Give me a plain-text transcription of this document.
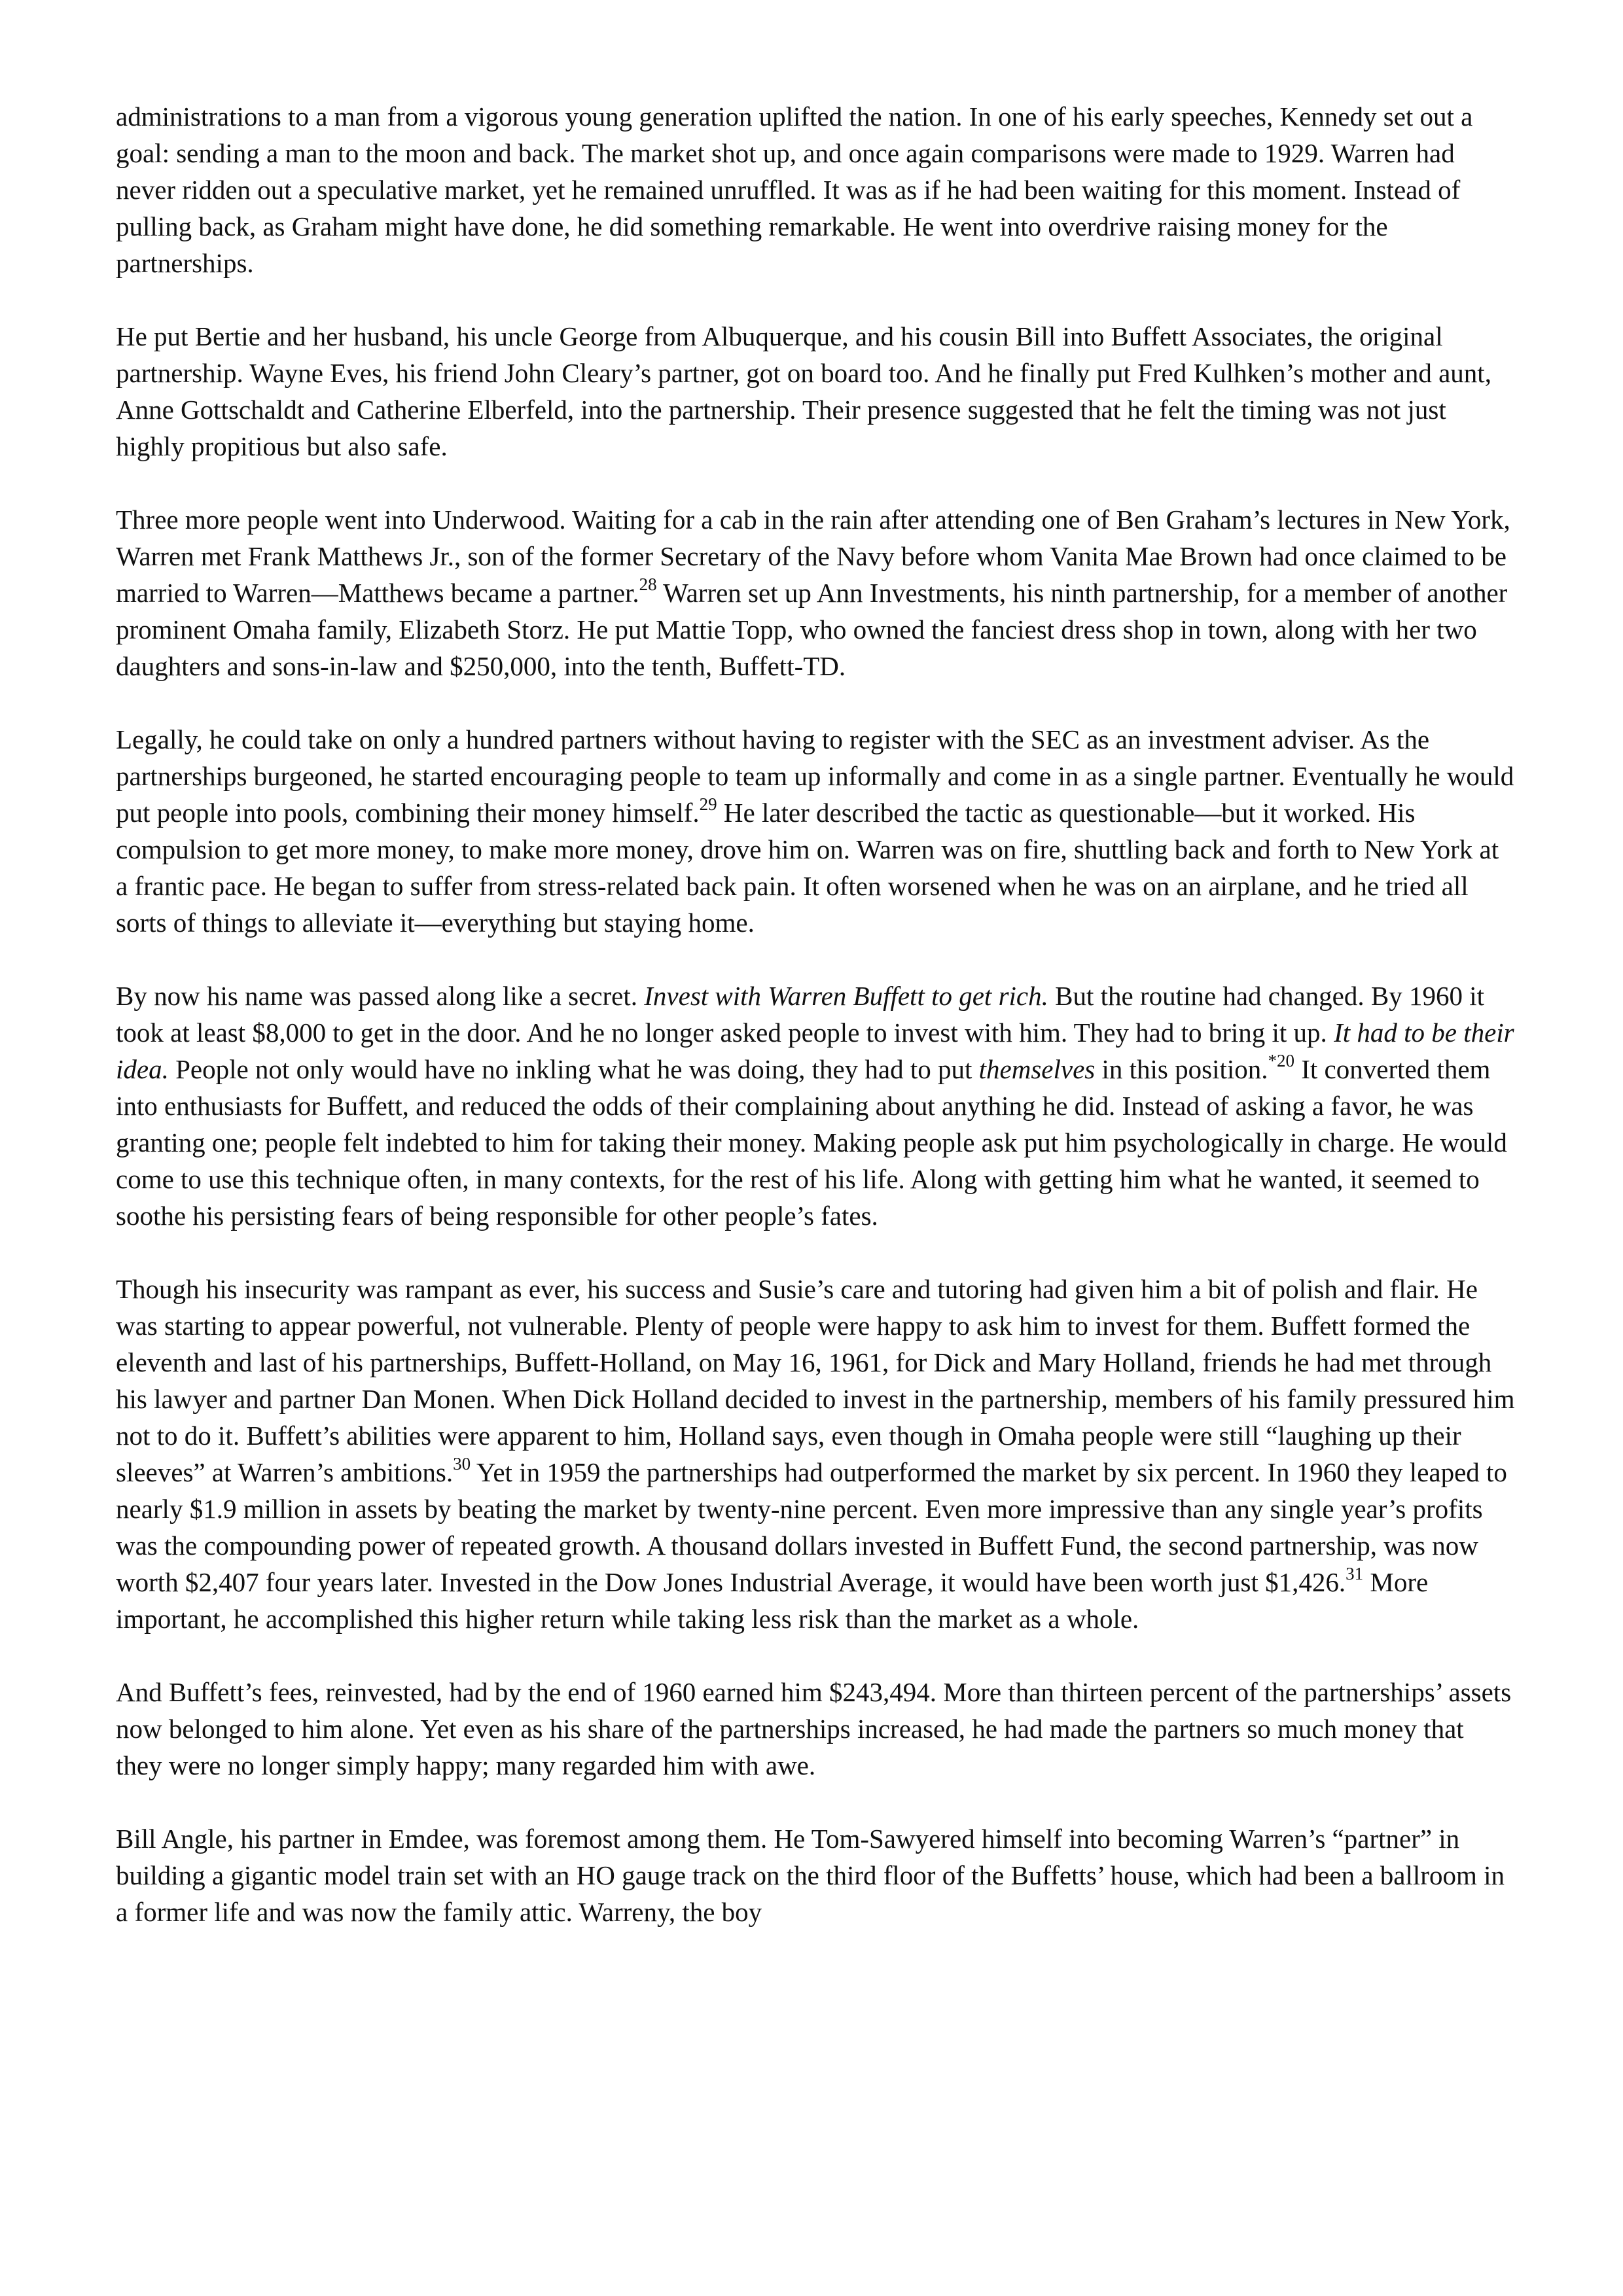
administrations to a man from a vigorous young generation uplifted the nation. In one of his early speeches, Kennedy set out a goal: sending a man to the moon and back. The market shot up, and once again comparisons were made to 1929. Warren had never ridden out a speculative market, yet he remained unruffled. It was as if he had been waiting for this moment. Instead of pulling back, as Graham might have done, he did something remarkable. He went into overdrive raising money for the partnerships.

He put Bertie and her husband, his uncle George from Albuquerque, and his cousin Bill into Buffett Associates, the original partnership. Wayne Eves, his friend John Cleary’s partner, got on board too. And he finally put Fred Kulhken’s mother and aunt, Anne Gottschaldt and Catherine Elberfeld, into the partnership. Their presence suggested that he felt the timing was not just highly propitious but also safe.

Three more people went into Underwood. Waiting for a cab in the rain after attending one of Ben Graham’s lectures in New York, Warren met Frank Matthews Jr., son of the former Secretary of the Navy before whom Vanita Mae Brown had once claimed to be married to Warren—Matthews became a partner.$^{28}$ Warren set up Ann Investments, his ninth partnership, for a member of another prominent Omaha family, Elizabeth Storz. He put Mattie Topp, who owned the fanciest dress shop in town, along with her two daughters and sons-in-law and $250,000, into the tenth, Buffett-TD.

Legally, he could take on only a hundred partners without having to register with the SEC as an investment adviser. As the partnerships burgeoned, he started encouraging people to team up informally and come in as a single partner. Eventually he would put people into pools, combining their money himself.$^{29}$ He later described the tactic as questionable—but it worked. His compulsion to get more money, to make more money, drove him on. Warren was on fire, shuttling back and forth to New York at a frantic pace. He began to suffer from stress-related back pain. It often worsened when he was on an airplane, and he tried all sorts of things to alleviate it—everything but staying home.

By now his name was passed along like a secret. Invest with Warren Buffett to get rich. But the routine had changed. By 1960 it took at least $8,000 to get in the door. And he no longer asked people to invest with him. They had to bring it up. It had to be their idea. People not only would have no inkling what he was doing, they had to put themselves in this position.$^{*20}$ It converted them into enthusiasts for Buffett, and reduced the odds of their complaining about anything he did. Instead of asking a favor, he was granting one; people felt indebted to him for taking their money. Making people ask put him psychologically in charge. He would come to use this technique often, in many contexts, for the rest of his life. Along with getting him what he wanted, it seemed to soothe his persisting fears of being responsible for other people’s fates.

Though his insecurity was rampant as ever, his success and Susie’s care and tutoring had given him a bit of polish and flair. He was starting to appear powerful, not vulnerable. Plenty of people were happy to ask him to invest for them. Buffett formed the eleventh and last of his partnerships, Buffett-Holland, on May 16, 1961, for Dick and Mary Holland, friends he had met through his lawyer and partner Dan Monen. When Dick Holland decided to invest in the partnership, members of his family pressured him not to do it. Buffett’s abilities were apparent to him, Holland says, even though in Omaha people were still “laughing up their sleeves” at Warren’s ambitions.$^{30}$ Yet in 1959 the partnerships had outperformed the market by six percent. In 1960 they leaped to nearly $1.9 million in assets by beating the market by twenty-nine percent. Even more impressive than any single year’s profits was the compounding power of repeated growth. A thousand dollars invested in Buffett Fund, the second partnership, was now worth $2,407 four years later. Invested in the Dow Jones Industrial Average, it would have been worth just $1,426.31 More important, he accomplished this higher return while taking less risk than the market as a whole.

And Buffett’s fees, reinvested, had by the end of 1960 earned him $243,494. More than thirteen percent of the partnerships’ assets now belonged to him alone. Yet even as his share of the partnerships increased, he had made the partners so much money that they were no longer simply happy; many regarded him with awe.

Bill Angle, his partner in Emdee, was foremost among them. He Tom-Sawyered himself into becoming Warren’s “partner” in building a gigantic model train set with an HO gauge track on the third floor of the Buffetts’ house, which had been a ballroom in a former life and was now the family attic. Warreny, the boy
